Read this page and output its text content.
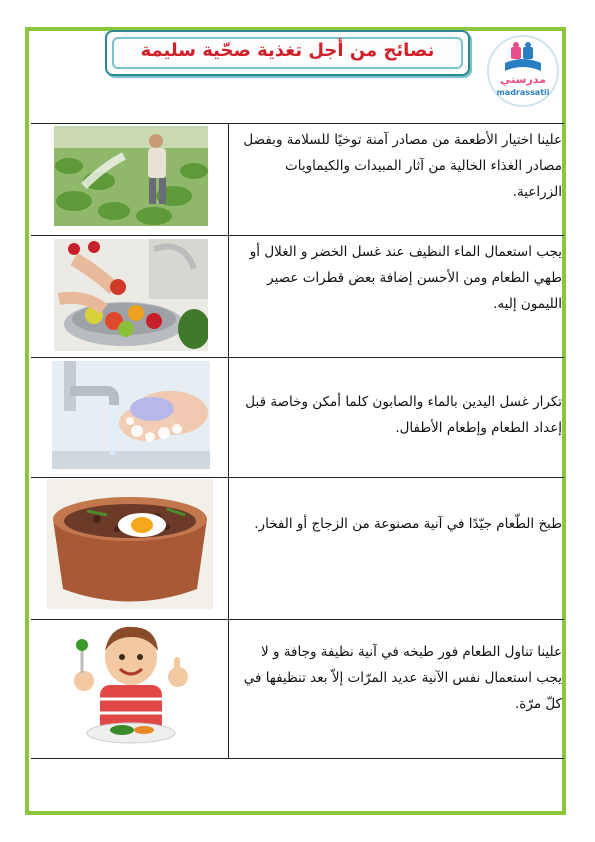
نصائح من أجل تغذية صحّية سليمة
مدرستي
madrassatii
علينا اختيار الأطعمة من مصادر آمنة توخيًا للسلامة وبفضل مصادر الغذاء الخالية من آثار المبيدات والكيماويات الزراعية.
يجب استعمال الماء النظيف عند غسل الخضر و الغلال أو طهي الطعام ومن الأحسن إضافة بعض قطرات عصير الليمون إليه.
تكرار غسل اليدين بالماء والصابون كلما أمكن وخاصة قبل إعداد الطعام وإطعام الأطفال.
طبخ الطّعام جيّدًا في آنية مصنوعة من الزجاج أو الفخار.
علينا تناول الطعام فور طبخه في آنية نظيفة وجافة و لا يجب استعمال نفس الآنية عديد المرّات إلاّ بعد تنظيفها في كلّ مرّة.
